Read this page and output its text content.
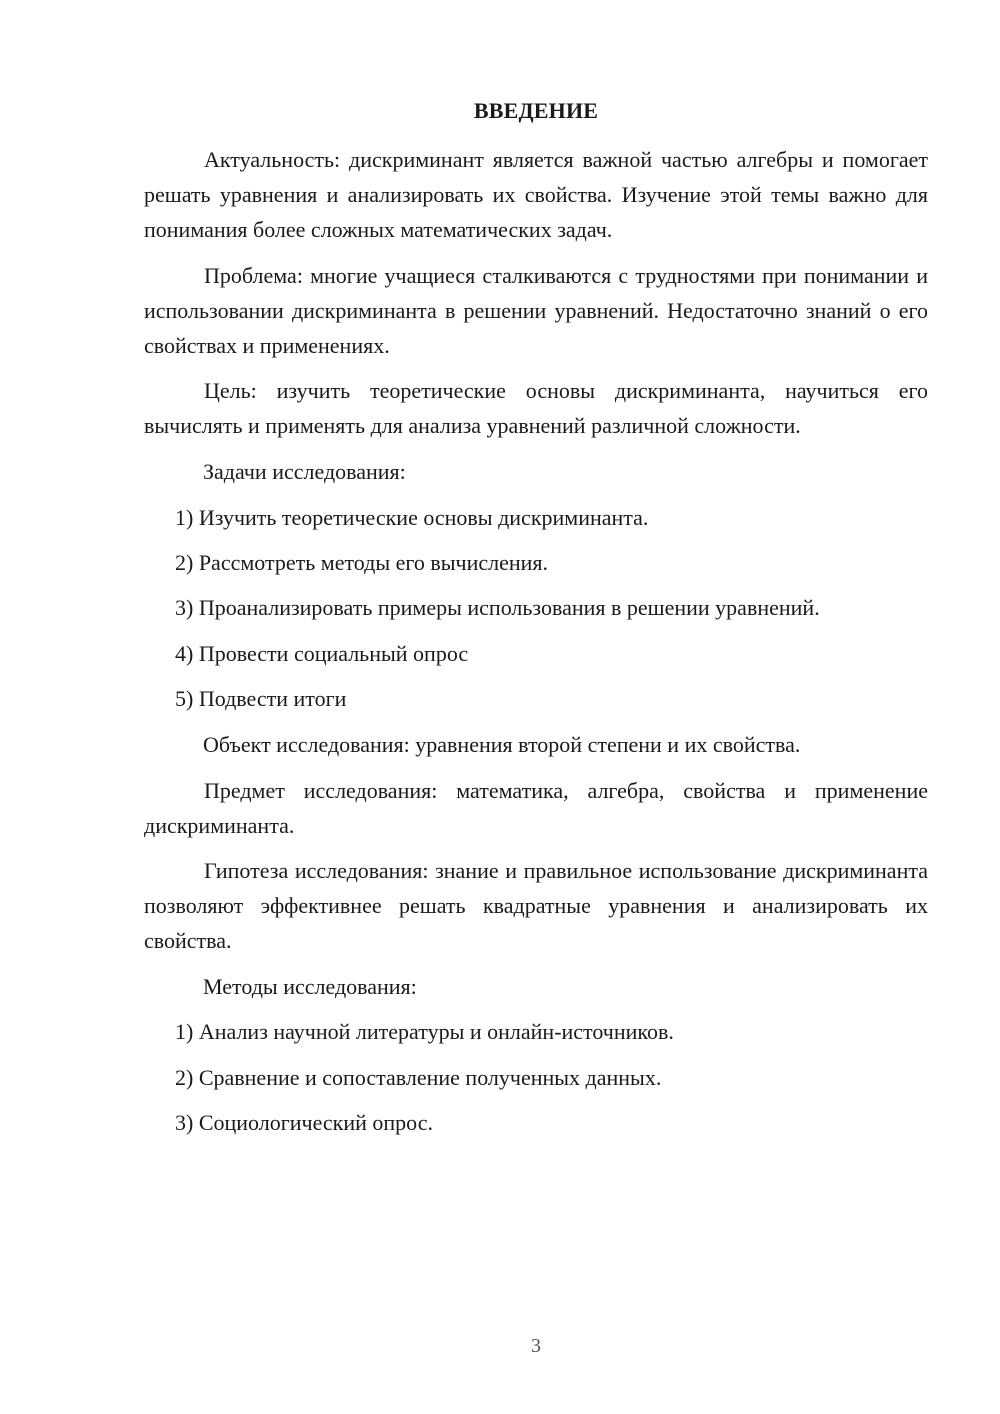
ВВЕДЕНИЕ

Актуальность: дискриминант является важной частью алгебры и помогает решать уравнения и анализировать их свойства. Изучение этой темы важно для понимания более сложных математических задач.

Проблема: многие учащиеся сталкиваются с трудностями при понимании и использовании дискриминанта в решении уравнений. Недостаточно знаний о его свойствах и применениях.

Цель: изучить теоретические основы дискриминанта, научиться его вычислять и применять для анализа уравнений различной сложности.

Задачи исследования:

1) Изучить теоретические основы дискриминанта.

2) Рассмотреть методы его вычисления.

3) Проанализировать примеры использования в решении уравнений.

4) Провести социальный опрос

5) Подвести итоги

Объект исследования: уравнения второй степени и их свойства.

Предмет исследования: математика, алгебра, свойства и применение дискриминанта.

Гипотеза исследования: знание и правильное использование дискриминанта позволяют эффективнее решать квадратные уравнения и анализировать их свойства.

Методы исследования:

1) Анализ научной литературы и онлайн-источников.

2) Сравнение и сопоставление полученных данных.

3) Социологический опрос.

3
